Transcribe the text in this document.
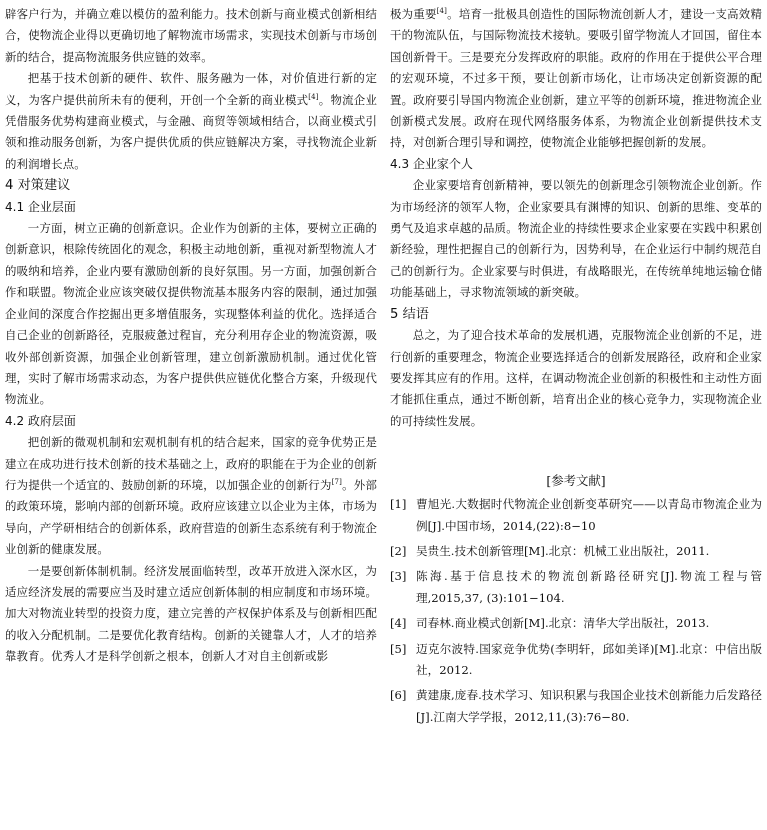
辟客户行为，并确立难以模仿的盈利能力。技术创新与商业模式创新相结合，使物流企业得以更确切地了解物流市场需求，实现技术创新与市场创新的结合，提高物流服务供应链的效率。

把基于技术创新的硬件、软件、服务融为一体，对价值进行新的定义，为客户提供前所未有的便利，开创一个全新的商业模式[4]。物流企业凭借服务优势构建商业模式，与金融、商贸等领域相结合，以商业模式引领和推动服务创新，为客户提供优质的供应链解决方案，寻找物流企业新的利润增长点。

4 对策建议
4.1 企业层面

一方面，树立正确的创新意识。企业作为创新的主体，要树立正确的创新意识，根除传统固化的观念，积极主动地创新，重视对新型物流人才的吸纳和培养，企业内要有激励创新的良好氛围。另一方面，加强创新合作和联盟。物流企业应该突破仅提供物流基本服务内容的限制，通过加强企业间的深度合作挖掘出更多增值服务，实现整体利益的优化。选择适合自己企业的创新路径，克服疲惫过程盲，充分利用存企业的物流资源，吸收外部创新资源，加强企业创新管理，建立创新激励机制。通过优化管理，实时了解市场需求动态，为客户提供供应链优化整合方案，升级现代物流业。

4.2 政府层面

把创新的微观机制和宏观机制有机的结合起来，国家的竞争优势正是建立在成功进行技术创新的技术基础之上，政府的职能在于为企业的创新行为提供一个适宜的、鼓励创新的环境，以加强企业的创新行为[7]。外部的政策环境，影响内部的创新环境。政府应该建立以企业为主体，市场为导向，产学研相结合的创新体系，政府营造的创新生态系统有利于物流企业创新的健康发展。

一是要创新体制机制。经济发展面临转型，改革开放进入深水区，为适应经济发展的需要应当及时建立适应创新体制的相应制度和市场环境。加大对物流业转型的投资力度，建立完善的产权保护体系及与创新相匹配的收入分配机制。二是要优化教育结构。创新的关键靠人才，人才的培养靠教育。优秀人才是科学创新之根本，创新人才对自主创新或影

极为重要[4]。培育一批极具创造性的国际物流创新人才，建设一支高效精干的物流队伍，与国际物流技术接轨。要吸引留学物流人才回国，留住本国创新骨干。三是要充分发挥政府的职能。政府的作用在于提供公平合理的宏观环境，不过多干预，要让创新市场化，让市场决定创新资源的配置。政府要引导国内物流企业创新，建立平等的创新环境，推进物流企业创新模式发展。政府在现代网络服务体系，为物流企业创新提供技术支持，对创新合理引导和调控，使物流企业能够把握创新的发展。

4.3 企业家个人

企业家要培育创新精神，要以领先的创新理念引领物流企业创新。作为市场经济的领军人物，企业家要具有渊博的知识、创新的思维、变革的勇气及追求卓越的品质。物流企业的持续性要求企业家要在实践中积累创新经验，理性把握自己的创新行为，因势利导，在企业运行中制约规范自己的创新行为。企业家要与时俱进，有战略眼光，在传统单纯地运输仓储功能基础上，寻求物流领域的新突破。

5 结语

总之，为了迎合技术革命的发展机遇，克服物流企业创新的不足，进行创新的重要理念，物流企业要选择适合的创新发展路径，政府和企业家要发挥其应有的作用。这样，在调动物流企业创新的积极性和主动性方面才能抓住重点，通过不断创新，培育出企业的核心竞争力，实现物流企业的可持续性发展。

[参考文献]
[1] 曹旭光.大数据时代物流企业创新变革研究——以青岛市物流企业为例[J].中国市场，2014,(22):8−10
[2] 吴贵生.技术创新管理[M].北京：机械工业出版社，2011.
[3] 陈海.基于信息技术的物流创新路径研究[J].物流工程与管理,2015,37, (3):101−104.
[4] 司春林.商业模式创新[M].北京：清华大学出版社，2013.
[5] 迈克尔波特.国家竞争优势(李明轩，邱如美译)[M].北京：中信出版社，2012.
[6] 黄建康,庞春.技术学习、知识积累与我国企业技术创新能力后发路径[J].江南大学学报，2012,11,(3):76−80.
